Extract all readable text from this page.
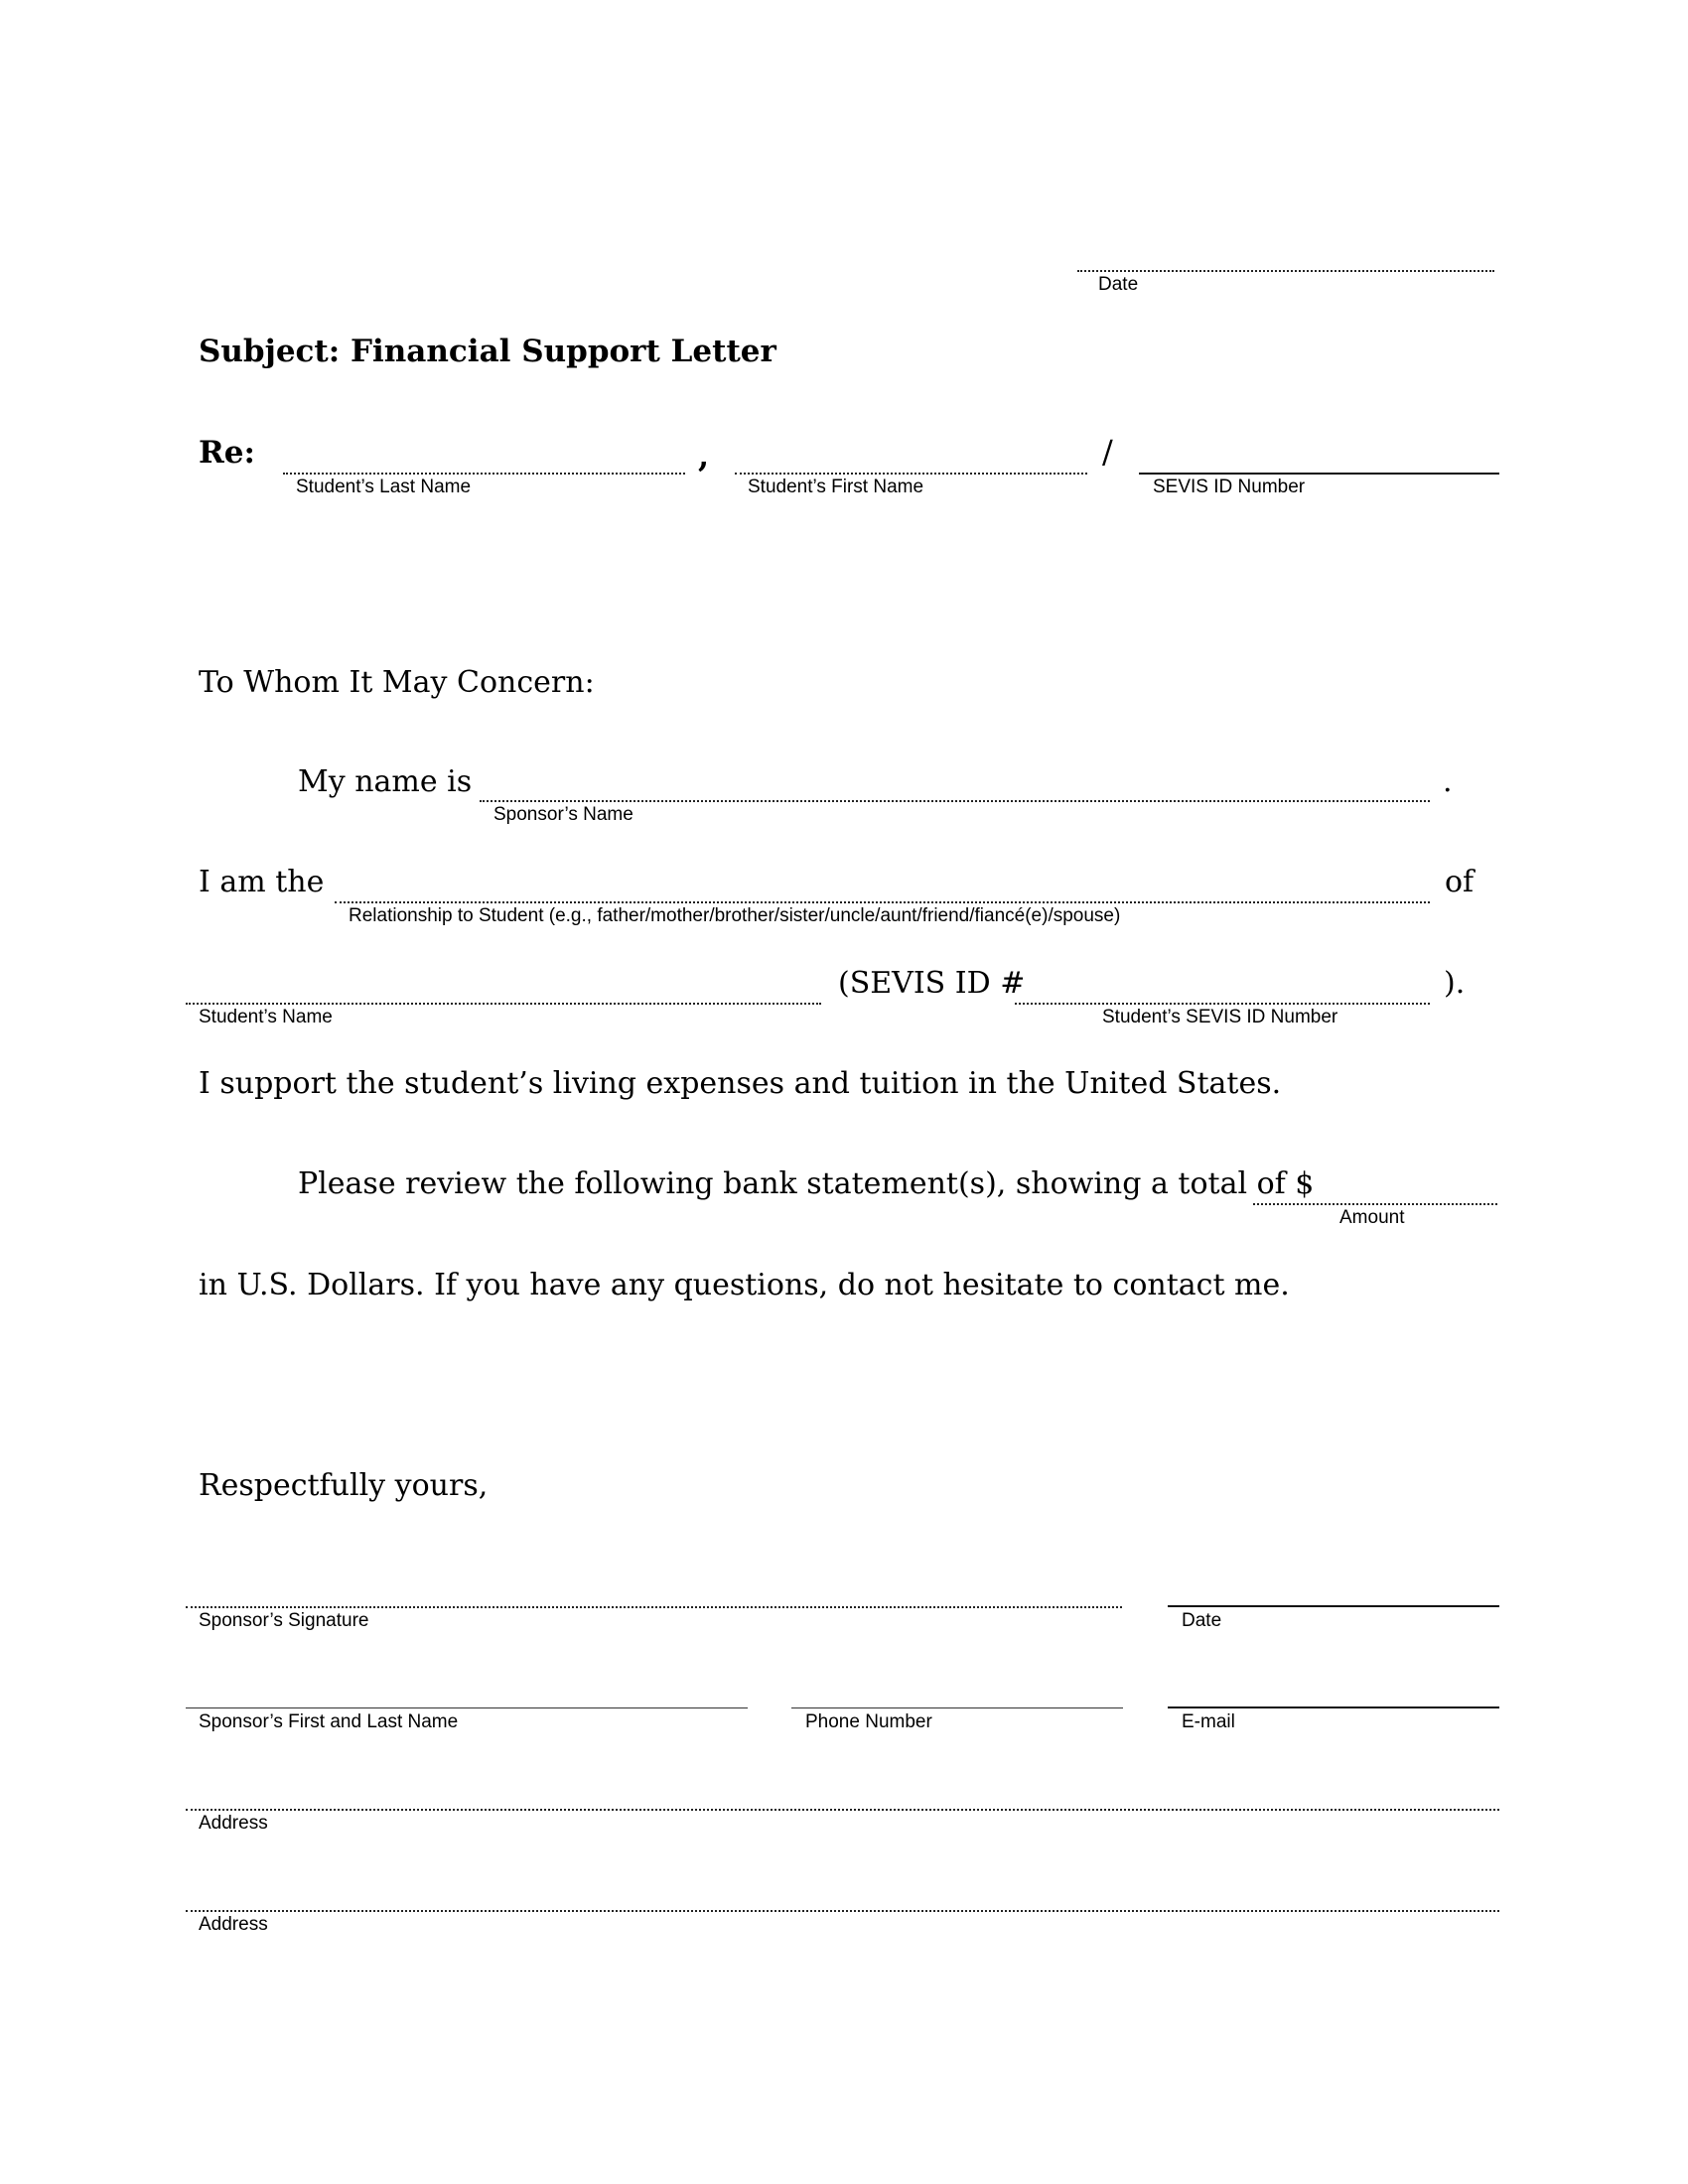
Date
Subject: Financial Support Letter
Re:	,	/
Student’s Last Name	Student’s First Name	SEVIS ID Number
To Whom It May Concern:
My name is	.
Sponsor’s Name
I am the	of
Relationship to Student (e.g., father/mother/brother/sister/uncle/aunt/friend/fiancé(e)/spouse)
(SEVIS ID #	).
Student’s Name	Student’s SEVIS ID Number
I support the student’s living expenses and tuition in the United States.
Please review the following bank statement(s), showing a total of $
Amount
in U.S. Dollars. If you have any questions, do not hesitate to contact me.
Respectfully yours,
Sponsor’s Signature	Date
Sponsor’s First and Last Name	Phone Number	E-mail
Address
Address
